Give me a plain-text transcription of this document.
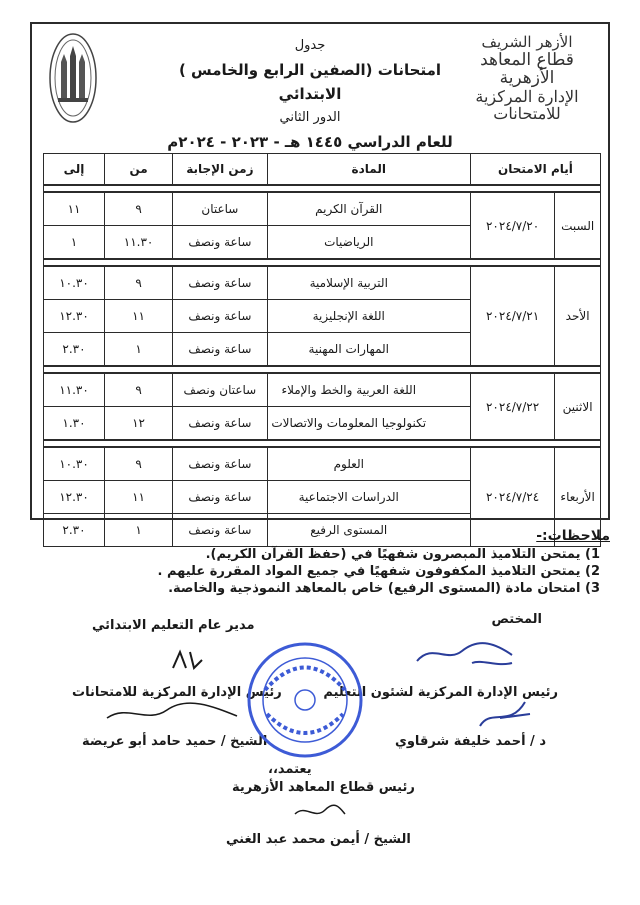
الأزهر الشريف
قطاع المعاهد الأزهرية
الإدارة المركزية للامتحانات
جدول
امتحانات (الصفين الرابع والخامس ) الابتدائي
الدور الثاني
للعام الدراسي ١٤٤٥ هـ - ٢٠٢٣ - ٢٠٢٤م
أيام الامتحان		المادة	زمن الإجابة	من	إلى

السبت	٢٠٢٤/٧/٢٠	القرآن الكريم	ساعتان	٩	١١
		الرياضيات	ساعة ونصف	١١.٣٠	١

الأحد	٢٠٢٤/٧/٢١	التربية الإسلامية	ساعة ونصف	٩	١٠.٣٠
		اللغة الإنجليزية	ساعة ونصف	١١	١٢.٣٠
		المهارات المهنية	ساعة ونصف	١	٢.٣٠

الاثنين	٢٠٢٤/٧/٢٢	اللغة العربية والخط والإملاء	ساعتان ونصف	٩	١١.٣٠
		تكنولوجيا المعلومات والاتصالات	ساعة ونصف	١٢	١.٣٠

الأربعاء	٢٠٢٤/٧/٢٤	العلوم	ساعة ونصف	٩	١٠.٣٠
		الدراسات الاجتماعية	ساعة ونصف	١١	١٢.٣٠
		المستوى الرفيع	ساعة ونصف	١	٢.٣٠	ملاحظات:-
1) يمتحن التلاميذ المبصرون شفهيًا في (حفظ القرآن الكريم).
2) يمتحن التلاميذ المكفوفون شفهيًا في جميع المواد المقررة عليهم .
3) امتحان مادة (المستوى الرفيع) خاص بالمعاهد النموذجية والخاصة.
المختص
مدير عام التعليم الابتدائي
رئيس الإدارة المركزية لشئون التعليم
رئيس الإدارة المركزية للامتحانات
د / أحمد خليفة شرقاوي
الشيخ / حميد حامد أبو عريضة
يعتمد،،
رئيس قطاع المعاهد الأزهرية
الشيخ / أيمن محمد عبد الغني
